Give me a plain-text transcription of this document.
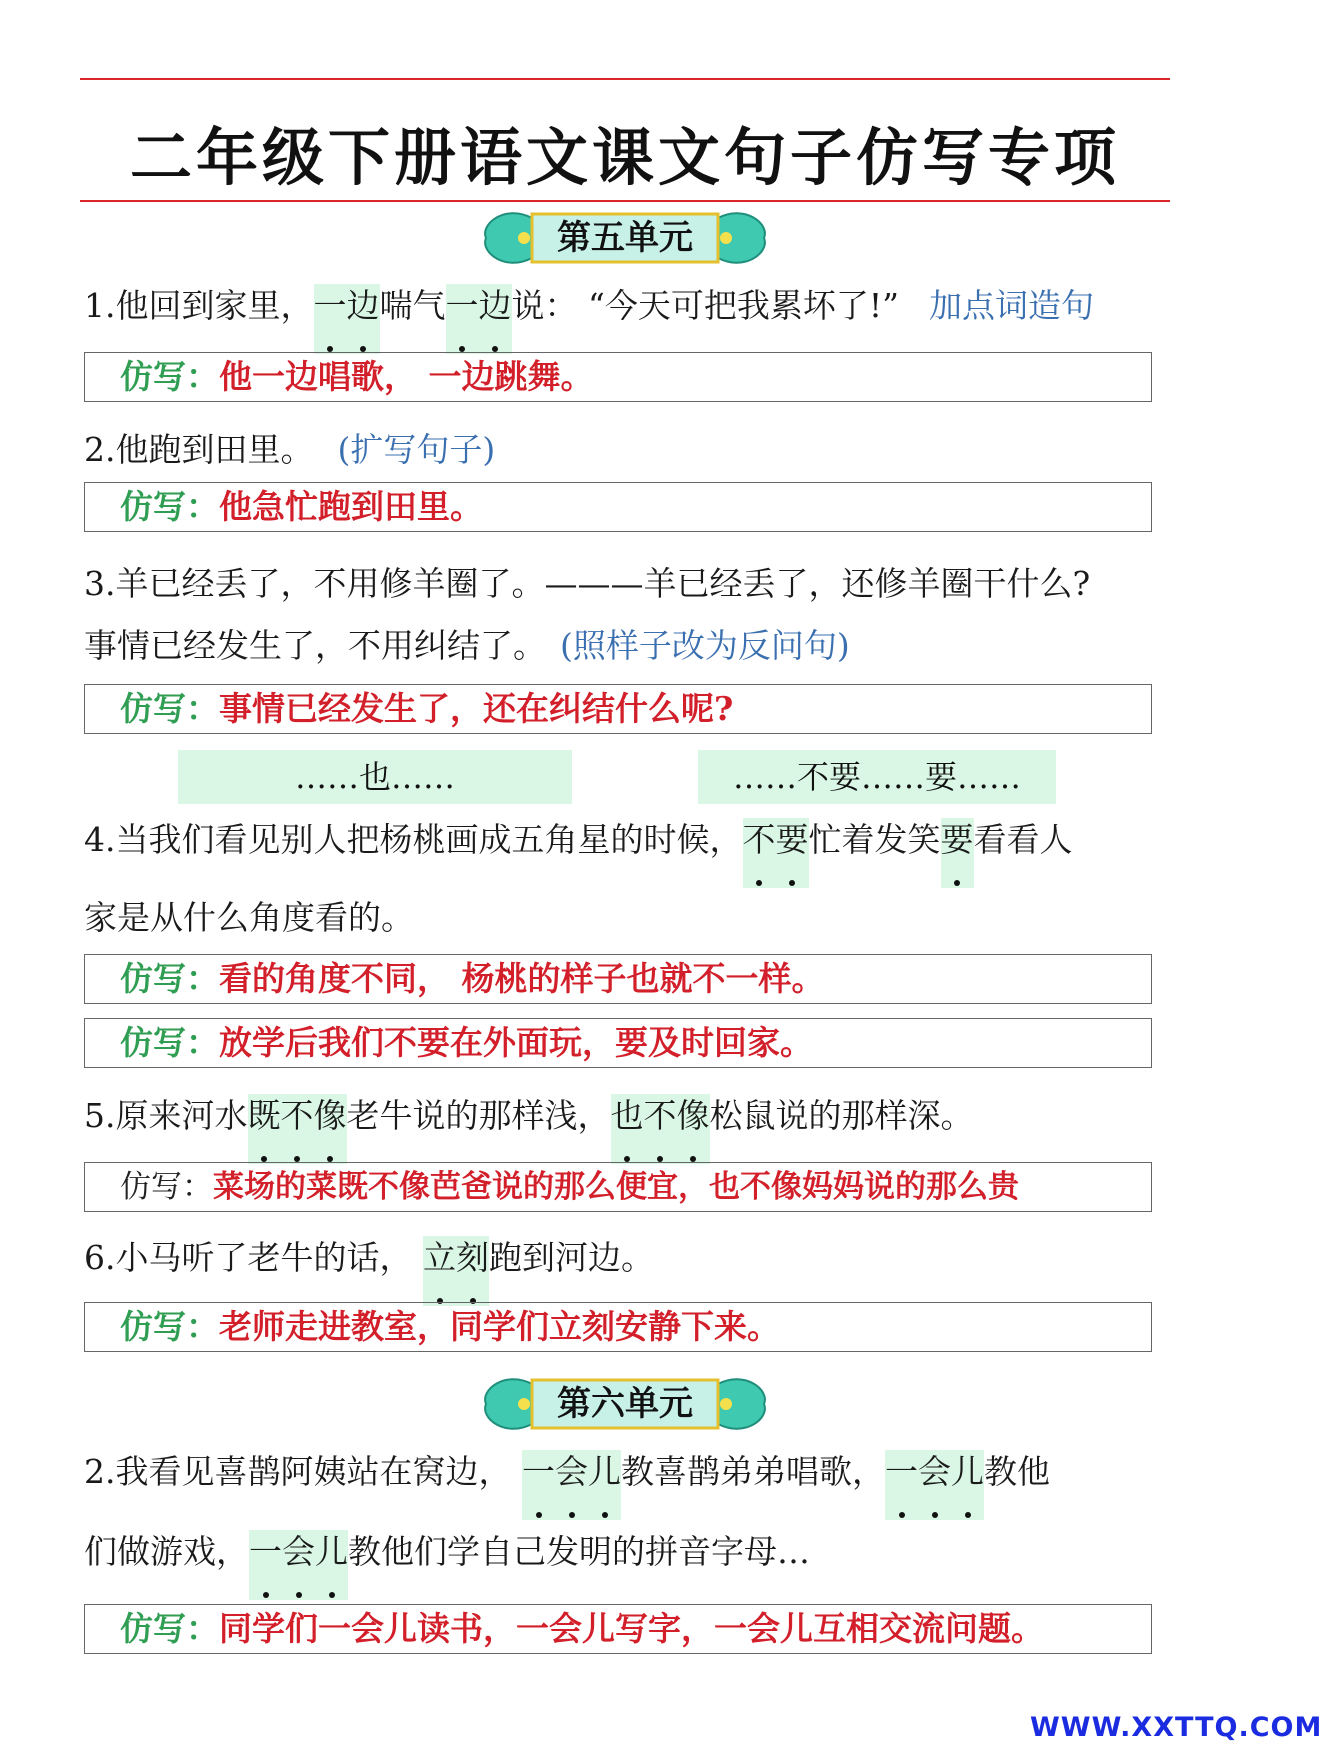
二年级下册语文课文句子仿写专项
第五单元
1.他回到家里，一边喘气一边说： “今天可把我累坏了!” 加点词造句
仿写：他一边唱歌， 一边跳舞。
2.他跑到田里。 (扩写句子)
仿写：他急忙跑到田里。
3.羊已经丢了，不用修羊圈了。———羊已经丢了，还修羊圈干什么?
事情已经发生了，不用纠结了。 (照样子改为反问句)
仿写：事情已经发生了，还在纠结什么呢?
……也……	……不要……要……
4.当我们看见别人把杨桃画成五角星的时候，不要忙着发笑要看看人
家是从什么角度看的。
仿写：看的角度不同， 杨桃的样子也就不一样。
仿写：放学后我们不要在外面玩，要及时回家。
5.原来河水既不像老牛说的那样浅，也不像松鼠说的那样深。
仿写：菜场的菜既不像芭爸说的那么便宜，也不像妈妈说的那么贵
6.小马听了老牛的话， 立刻跑到河边。
仿写：老师走进教室，同学们立刻安静下来。
第六单元
2.我看见喜鹊阿姨站在窝边， 一会儿教喜鹊弟弟唱歌，一会儿教他
们做游戏，一会儿教他们学自己发明的拼音字母…
仿写：同学们一会儿读书，一会儿写字，一会儿互相交流问题。
WWW.XXTTQ.COM
